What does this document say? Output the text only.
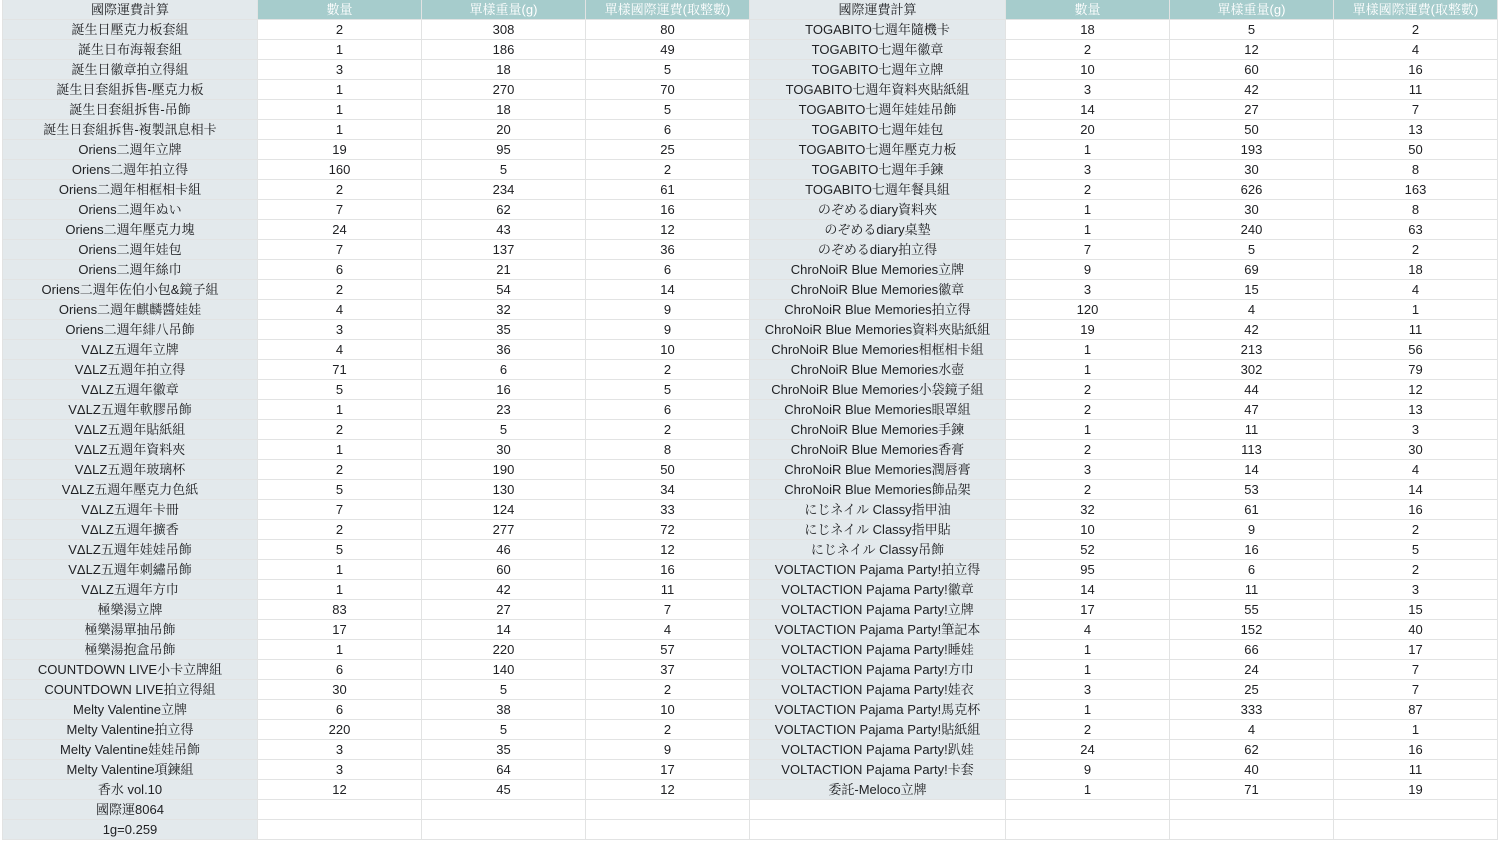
國際運費計算	數量	單樣重量(g)	單樣國際運費(取整數)	國際運費計算	數量	單樣重量(g)	單樣國際運費(取整數)
誕生日壓克力板套組	2	308	80	TOGABITO七週年隨機卡	18	5	2
誕生日布海報套組	1	186	49	TOGABITO七週年徽章	2	12	4
誕生日徽章拍立得組	3	18	5	TOGABITO七週年立牌	10	60	16
誕生日套組拆售-壓克力板	1	270	70	TOGABITO七週年資料夾貼紙組	3	42	11
誕生日套組拆售-吊飾	1	18	5	TOGABITO七週年娃娃吊飾	14	27	7
誕生日套組拆售-複製訊息相卡	1	20	6	TOGABITO七週年娃包	20	50	13
Oriens二週年立牌	19	95	25	TOGABITO七週年壓克力板	1	193	50
Oriens二週年拍立得	160	5	2	TOGABITO七週年手鍊	3	30	8
Oriens二週年相框相卡組	2	234	61	TOGABITO七週年餐具組	2	626	163
Oriens二週年ぬい	7	62	16	のぞめるdiary資料夾	1	30	8
Oriens二週年壓克力塊	24	43	12	のぞめるdiary桌墊	1	240	63
Oriens二週年娃包	7	137	36	のぞめるdiary拍立得	7	5	2
Oriens二週年絲巾	6	21	6	ChroNoiR Blue Memories立牌	9	69	18
Oriens二週年佐伯小包&鏡子組	2	54	14	ChroNoiR Blue Memories徽章	3	15	4
Oriens二週年麒麟醬娃娃	4	32	9	ChroNoiR Blue Memories拍立得	120	4	1
Oriens二週年緋八吊飾	3	35	9	ChroNoiR Blue Memories資料夾貼紙組	19	42	11
VΔLZ五週年立牌	4	36	10	ChroNoiR Blue Memories相框相卡組	1	213	56
VΔLZ五週年拍立得	71	6	2	ChroNoiR Blue Memories水壺	1	302	79
VΔLZ五週年徽章	5	16	5	ChroNoiR Blue Memories小袋鏡子組	2	44	12
VΔLZ五週年軟膠吊飾	1	23	6	ChroNoiR Blue Memories眼罩組	2	47	13
VΔLZ五週年貼紙組	2	5	2	ChroNoiR Blue Memories手鍊	1	11	3
VΔLZ五週年資料夾	1	30	8	ChroNoiR Blue Memories香膏	2	113	30
VΔLZ五週年玻璃杯	2	190	50	ChroNoiR Blue Memories潤唇膏	3	14	4
VΔLZ五週年壓克力色紙	5	130	34	ChroNoiR Blue Memories飾品架	2	53	14
VΔLZ五週年卡冊	7	124	33	にじネイル Classy指甲油	32	61	16
VΔLZ五週年擴香	2	277	72	にじネイル Classy指甲貼	10	9	2
VΔLZ五週年娃娃吊飾	5	46	12	にじネイル Classy吊飾	52	16	5
VΔLZ五週年刺繡吊飾	1	60	16	VOLTACTION Pajama Party!拍立得	95	6	2
VΔLZ五週年方巾	1	42	11	VOLTACTION Pajama Party!徽章	14	11	3
極樂湯立牌	83	27	7	VOLTACTION Pajama Party!立牌	17	55	15
極樂湯單抽吊飾	17	14	4	VOLTACTION Pajama Party!筆記本	4	152	40
極樂湯抱盒吊飾	1	220	57	VOLTACTION Pajama Party!睡娃	1	66	17
COUNTDOWN LIVE小卡立牌組	6	140	37	VOLTACTION Pajama Party!方巾	1	24	7
COUNTDOWN LIVE拍立得組	30	5	2	VOLTACTION Pajama Party!娃衣	3	25	7
Melty Valentine立牌	6	38	10	VOLTACTION Pajama Party!馬克杯	1	333	87
Melty Valentine拍立得	220	5	2	VOLTACTION Pajama Party!貼紙組	2	4	1
Melty Valentine娃娃吊飾	3	35	9	VOLTACTION Pajama Party!趴娃	24	62	16
Melty Valentine項鍊組	3	64	17	VOLTACTION Pajama Party!卡套	9	40	11
香水 vol.10	12	45	12	委託-Meloco立牌	1	71	19
國際運8064
1g=0.259
